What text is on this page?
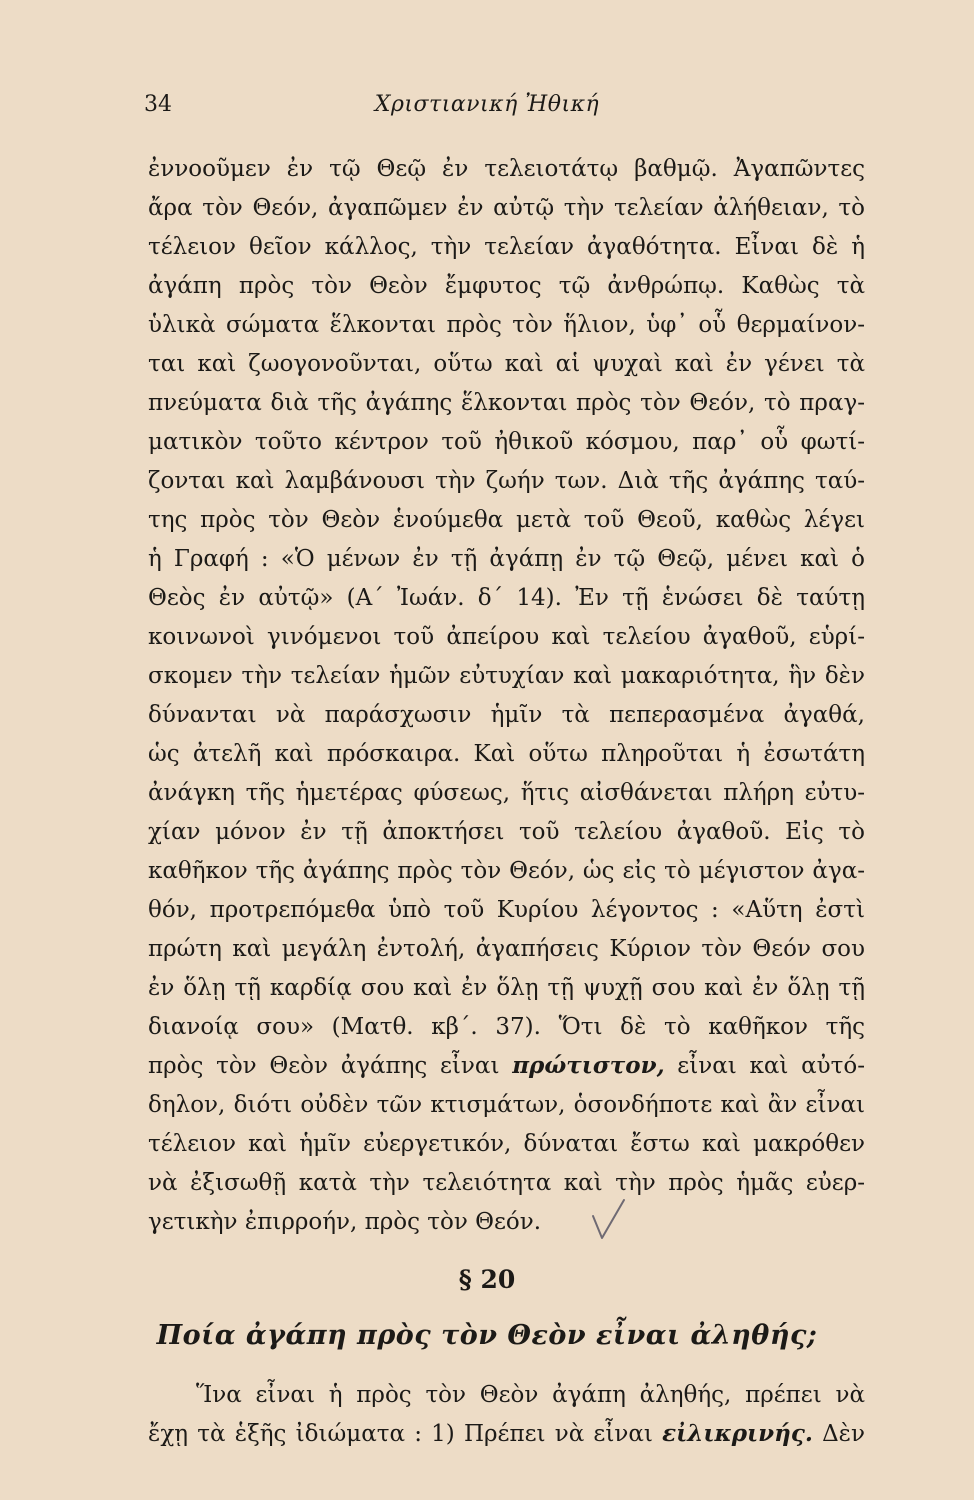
34	Χριστιανική Ἠθική
ἐννοοῦμεν ἐν τῷ Θεῷ ἐν τελειοτάτῳ βαθμῷ. Ἀγαπῶντες
ἄρα τὸν Θεόν, ἀγαπῶμεν ἐν αὐτῷ τὴν τελείαν ἀλήθειαν, τὸ
τέλειον θεῖον κάλλος, τὴν τελείαν ἀγαθότητα. Εἶναι δὲ ἡ
ἀγάπη πρὸς τὸν Θεὸν ἔμφυτος τῷ ἀνθρώπῳ. Καθὼς τὰ
ὑλικὰ σώματα ἕλκονται πρὸς τὸν ἥλιον, ὑφ᾿ οὗ θερμαίνον-
ται καὶ ζωογονοῦνται, οὕτω καὶ αἱ ψυχαὶ καὶ ἐν γένει τὰ
πνεύματα διὰ τῆς ἀγάπης ἕλκονται πρὸς τὸν Θεόν, τὸ πραγ-
ματικὸν τοῦτο κέντρον τοῦ ἠθικοῦ κόσμου, παρ᾿ οὗ φωτί-
ζονται καὶ λαμβάνουσι τὴν ζωήν των. Διὰ τῆς ἀγάπης ταύ-
της πρὸς τὸν Θεὸν ἑνούμεθα μετὰ τοῦ Θεοῦ, καθὼς λέγει
ἡ Γραφή : «Ὁ μένων ἐν τῇ ἀγάπῃ ἐν τῷ Θεῷ, μένει καὶ ὁ
Θεὸς ἐν αὐτῷ» (Α΄ Ἰωάν. δ΄ 14). Ἐν τῇ ἑνώσει δὲ ταύτῃ
κοινωνοὶ γινόμενοι τοῦ ἀπείρου καὶ τελείου ἀγαθοῦ, εὑρί-
σκομεν τὴν τελείαν ἡμῶν εὐτυχίαν καὶ μακαριότητα, ἣν δὲν
δύνανται νὰ παράσχωσιν ἡμῖν τὰ πεπερασμένα ἀγαθά,
ὡς ἀτελῆ καὶ πρόσκαιρα. Καὶ οὕτω πληροῦται ἡ ἐσωτάτη
ἀνάγκη τῆς ἡμετέρας φύσεως, ἥτις αἰσθάνεται πλήρη εὐτυ-
χίαν μόνον ἐν τῇ ἀποκτήσει τοῦ τελείου ἀγαθοῦ. Εἰς τὸ
καθῆκον τῆς ἀγάπης πρὸς τὸν Θεόν, ὡς εἰς τὸ μέγιστον ἀγα-
θόν, προτρεπόμεθα ὑπὸ τοῦ Κυρίου λέγοντος : «Αὕτη ἐστὶ
πρώτη καὶ μεγάλη ἐντολή, ἀγαπήσεις Κύριον τὸν Θεόν σου
ἐν ὅλῃ τῇ καρδίᾳ σου καὶ ἐν ὅλῃ τῇ ψυχῇ σου καὶ ἐν ὅλῃ τῇ
διανοίᾳ σου» (Ματθ. κβ΄. 37). Ὅτι δὲ τὸ καθῆκον τῆς
πρὸς τὸν Θεὸν ἀγάπης εἶναι πρώτιστον, εἶναι καὶ αὐτό-
δηλον, διότι οὐδὲν τῶν κτισμάτων, ὁσονδήποτε καὶ ἂν εἶναι
τέλειον καὶ ἡμῖν εὐεργετικόν, δύναται ἔστω καὶ μακρόθεν
νὰ ἐξισωθῇ κατὰ τὴν τελειότητα καὶ τὴν πρὸς ἡμᾶς εὐερ-
γετικὴν ἐπιρροήν, πρὸς τὸν Θεόν.
§ 20
Ποία ἀγάπη πρὸς τὸν Θεὸν εἶναι ἀληθής;
Ἵνα εἶναι ἡ πρὸς τὸν Θεὸν ἀγάπη ἀληθής, πρέπει νὰ
ἔχῃ τὰ ἑξῆς ἰδιώματα : 1) Πρέπει νὰ εἶναι εἰλικρινής. Δὲν
